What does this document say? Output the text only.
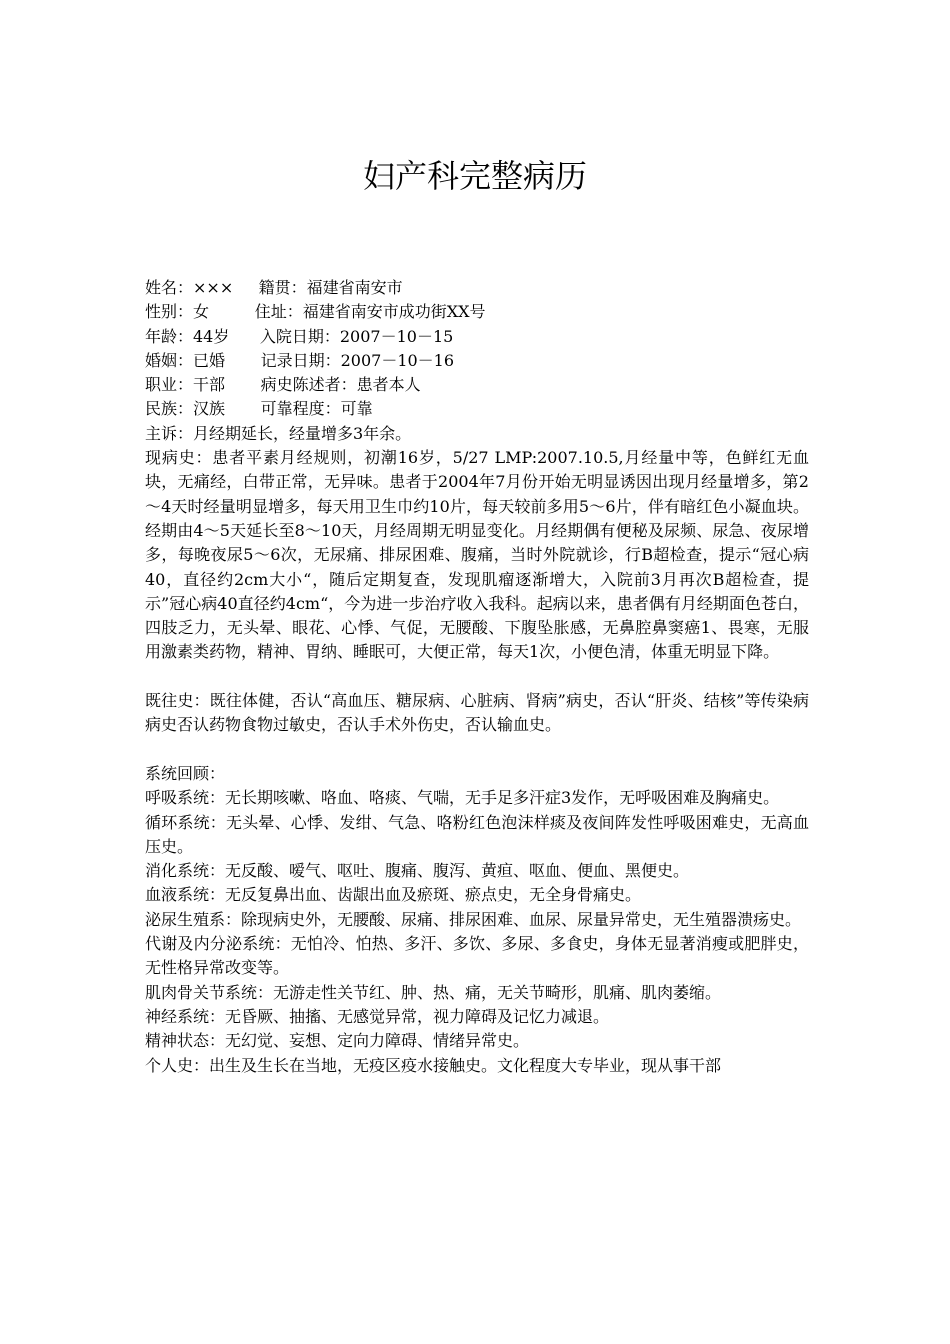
妇产科完整病历
姓名：×××     籍贯：福建省南安市
性别：女         住址：福建省南安市成功街XX号
年龄：44岁      入院日期：2007－10－15
婚姻：已婚       记录日期：2007－10－16
职业：干部       病史陈述者：患者本人
民族：汉族       可靠程度：可靠

主诉：月经期延长，经量增多3年余。

现病史：患者平素月经规则，初潮16岁，5/27 LMP:2007.10.5,月经量中等，色鲜红无血块，无痛经，白带正常，无异味。患者于2004年7月份开始无明显诱因出现月经量增多，第2～4天时经量明显增多，每天用卫生巾约10片，每天较前多用5～6片，伴有暗红色小凝血块。经期由4～5天延长至8～10天，月经周期无明显变化。月经期偶有便秘及尿频、尿急、夜尿增多，每晚夜尿5～6次，无尿痛、排尿困难、腹痛，当时外院就诊，行B超检查，提示“冠心病40，直径约2cm大小“，随后定期复查，发现肌瘤逐渐增大，入院前3月再次B超检查，提示”冠心病40直径约4cm“，今为进一步治疗收入我科。起病以来，患者偶有月经期面色苍白，四肢乏力，无头晕、眼花、心悸、气促，无腰酸、下腹坠胀感，无鼻腔鼻窦癌1、畏寒，无服用激素类药物，精神、胃纳、睡眠可，大便正常，每天1次，小便色清，体重无明显下降。

既往史：既往体健，否认“高血压、糖尿病、心脏病、肾病”病史，否认“肝炎、结核”等传染病病史否认药物食物过敏史，否认手术外伤史，否认输血史。

系统回顾：

呼吸系统：无长期咳嗽、咯血、咯痰、气喘，无手足多汗症3发作，无呼吸困难及胸痛史。

循环系统：无头晕、心悸、发绀、气急、咯粉红色泡沫样痰及夜间阵发性呼吸困难史，无高血压史。

消化系统：无反酸、嗳气、呕吐、腹痛、腹泻、黄疸、呕血、便血、黑便史。

血液系统：无反复鼻出血、齿龈出血及瘀斑、瘀点史，无全身骨痛史。

泌尿生殖系：除现病史外，无腰酸、尿痛、排尿困难、血尿、尿量异常史，无生殖器溃疡史。

代谢及内分泌系统：无怕冷、怕热、多汗、多饮、多尿、多食史，身体无显著消瘦或肥胖史，无性格异常改变等。

肌肉骨关节系统：无游走性关节红、肿、热、痛，无关节畸形，肌痛、肌肉萎缩。

神经系统：无昏厥、抽搐、无感觉异常，视力障碍及记忆力减退。

精神状态：无幻觉、妄想、定向力障碍、情绪异常史。

个人史：出生及生长在当地，无疫区疫水接触史。文化程度大专毕业，现从事干部
